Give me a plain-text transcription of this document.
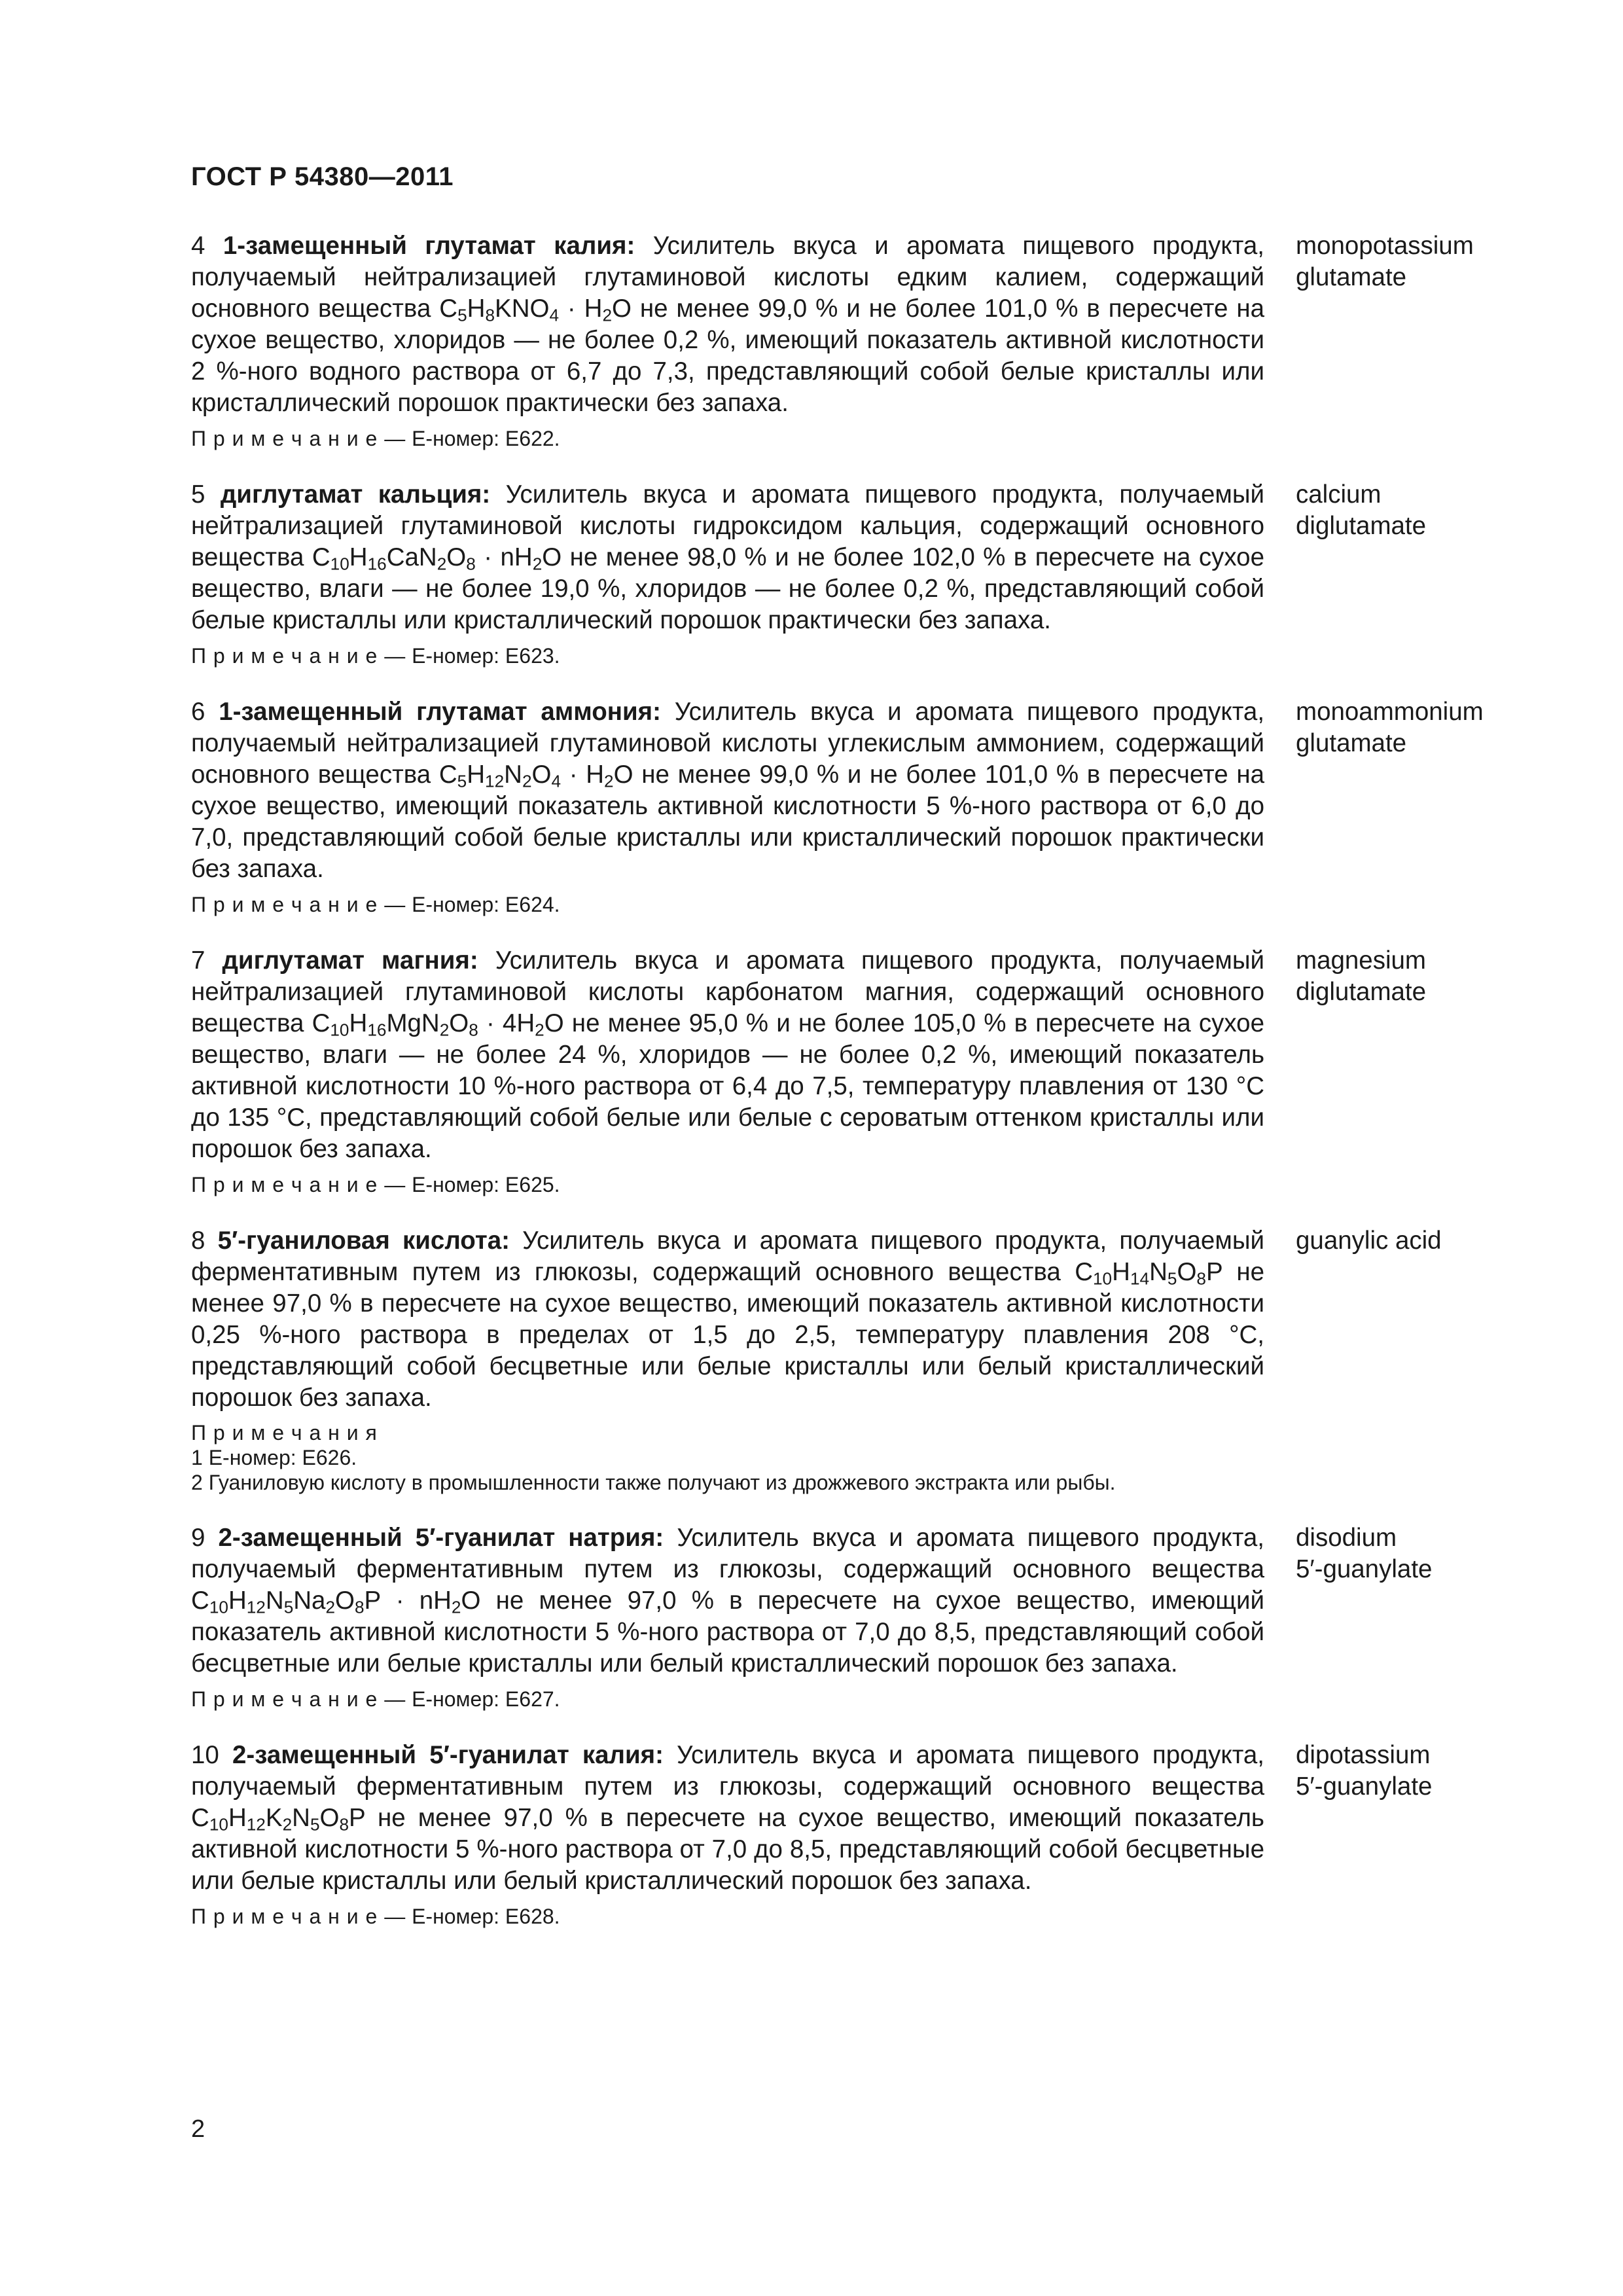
ГОСТ Р 54380—2011

4 1-замещенный глутамат калия: Усилитель вкуса и аромата пищевого продукта, получаемый нейтрализацией глутаминовой кислоты едким калием, содержащий основного вещества $C_5H_8KNO_4 \cdot H_2O$ не менее 99,0 % и не более 101,0 % в пересчете на сухое вещество, хлоридов — не более 0,2 %, имеющий показатель активной кислотности 2 %-ного водного раствора от 6,7 до 7,3, представляющий собой белые кристаллы или кристаллический порошок практически без запаха.

П р и м е ч а н и е — Е-номер: Е622.

monopotassium
glutamate

5 диглутамат кальция: Усилитель вкуса и аромата пищевого продукта, получаемый нейтрализацией глутаминовой кислоты гидроксидом кальция, содержащий основного вещества $C_{10}H_{16}CaN_2O_8 \cdot nH_2O$ не менее 98,0 % и не более 102,0 % в пересчете на сухое вещество, влаги — не более 19,0 %, хлоридов — не более 0,2 %, представляющий собой белые кристаллы или кристаллический порошок практически без запаха.

П р и м е ч а н и е — Е-номер: Е623.

calcium
diglutamate

6 1-замещенный глутамат аммония: Усилитель вкуса и аромата пищевого продукта, получаемый нейтрализацией глутаминовой кислоты углекислым аммонием, содержащий основного вещества $C_5H_{12}N_2O_4 \cdot H_2O$ не менее 99,0 % и не более 101,0 % в пересчете на сухое вещество, имеющий показатель активной кислотности 5 %-ного раствора от 6,0 до 7,0, представляющий собой белые кристаллы или кристаллический порошок практически без запаха.

П р и м е ч а н и е — Е-номер: Е624.

monoammonium
glutamate

7 диглутамат магния: Усилитель вкуса и аромата пищевого продукта, получаемый нейтрализацией глутаминовой кислоты карбонатом магния, содержащий основного вещества $C_{10}H_{16}MgN_2O_8 \cdot 4H_2O$ не менее 95,0 % и не более 105,0 % в пересчете на сухое вещество, влаги — не более 24 %, хлоридов — не более 0,2 %, имеющий показатель активной кислотности 10 %-ного раствора от 6,4 до 7,5, температуру плавления от 130 °С до 135 °С, представляющий собой белые или белые с сероватым оттенком кристаллы или порошок без запаха.

П р и м е ч а н и е — Е-номер: Е625.

magnesium
diglutamate

8 5′-гуаниловая кислота: Усилитель вкуса и аромата пищевого продукта, получаемый ферментативным путем из глюкозы, содержащий основного вещества $C_{10}H_{14}N_5O_8P$ не менее 97,0 % в пересчете на сухое вещество, имеющий показатель активной кислотности 0,25 %-ного раствора в пределах от 1,5 до 2,5, температуру плавления 208 °С, представляющий собой бесцветные или белые кристаллы или белый кристаллический порошок без запаха.

П р и м е ч а н и я
1 Е-номер: Е626.
2 Гуаниловую кислоту в промышленности также получают из дрожжевого экстракта или рыбы.
guanylic acid

9 2-замещенный 5′-гуанилат натрия: Усилитель вкуса и аромата пищевого продукта, получаемый ферментативным путем из глюкозы, содержащий основного вещества $C_{10}H_{12}N_5Na_2O_8P \cdot nH_2O$ не менее 97,0 % в пересчете на сухое вещество, имеющий показатель активной кислотности 5 %-ного раствора от 7,0 до 8,5, представляющий собой бесцветные или белые кристаллы или белый кристаллический порошок без запаха.

П р и м е ч а н и е — Е-номер: Е627.

disodium
5′-guanylate

10 2-замещенный 5′-гуанилат калия: Усилитель вкуса и аромата пищевого продукта, получаемый ферментативным путем из глюкозы, содержащий основного вещества $C_{10}H_{12}K_2N_5O_8P$ не менее 97,0 % в пересчете на сухое вещество, имеющий показатель активной кислотности 5 %-ного раствора от 7,0 до 8,5, представляющий собой бесцветные или белые кристаллы или белый кристаллический порошок без запаха.

П р и м е ч а н и е — Е-номер: Е628.

dipotassium
5′-guanylate
2
